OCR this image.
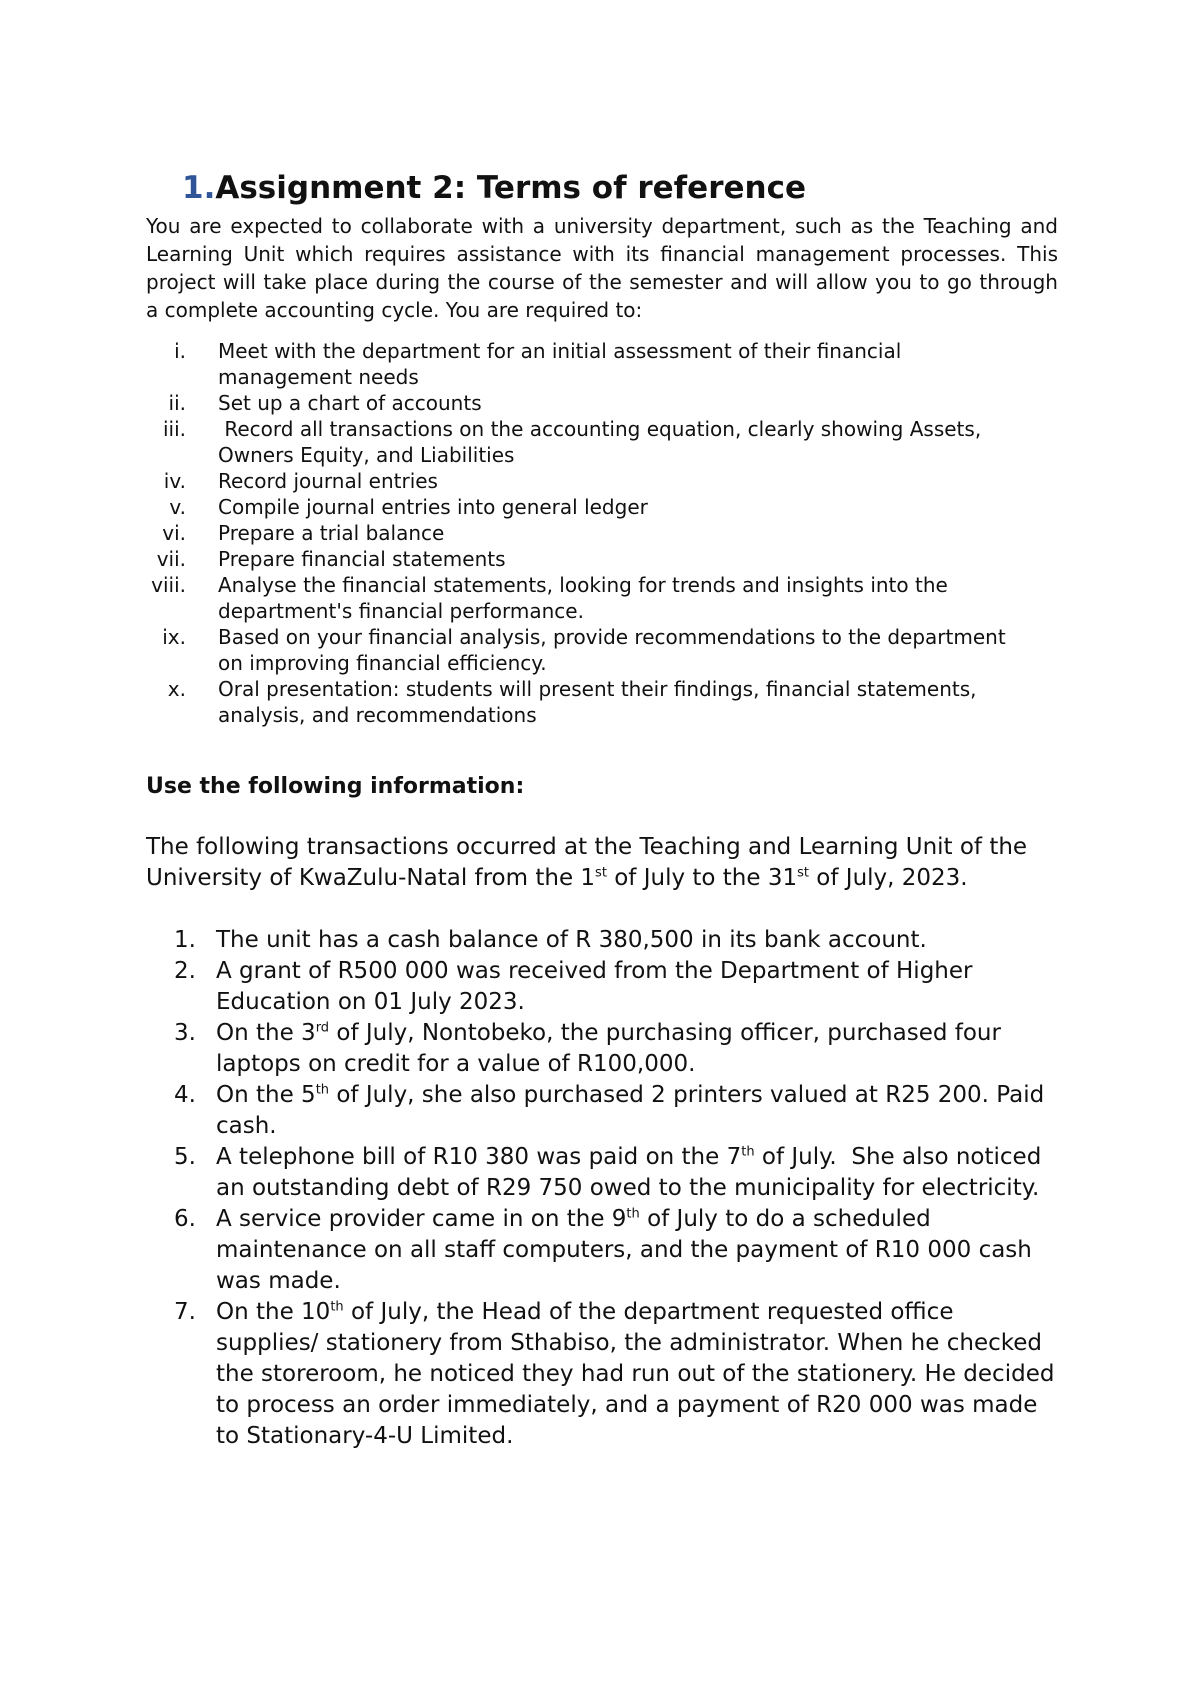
1.Assignment 2: Terms of reference

You are expected to collaborate with a university department, such as the Teaching and Learning Unit which requires assistance with its financial management processes. This project will take place during the course of the semester and will allow you to go through a complete accounting cycle. You are required to:

i. Meet with the department for an initial assessment of their financial management needs
ii. Set up a chart of accounts
iii. Record all transactions on the accounting equation, clearly showing Assets, Owners Equity, and Liabilities
iv. Record journal entries
v. Compile journal entries into general ledger
vi. Prepare a trial balance
vii. Prepare financial statements
viii. Analyse the financial statements, looking for trends and insights into the department's financial performance.
ix. Based on your financial analysis, provide recommendations to the department on improving financial efficiency.
x. Oral presentation: students will present their findings, financial statements, analysis, and recommendations
Use the following information:

The following transactions occurred at the Teaching and Learning Unit of the University of KwaZulu-Natal from the 1st of July to the 31st of July, 2023.

1. The unit has a cash balance of R 380,500 in its bank account.
2. A grant of R500 000 was received from the Department of Higher Education on 01 July 2023.
3. On the 3rd of July, Nontobeko, the purchasing officer, purchased four laptops on credit for a value of R100,000.
4. On the 5th of July, she also purchased 2 printers valued at R25 200. Paid cash.
5. A telephone bill of R10 380 was paid on the 7th of July.  She also noticed an outstanding debt of R29 750 owed to the municipality for electricity.
6. A service provider came in on the 9th of July to do a scheduled maintenance on all staff computers, and the payment of R10 000 cash was made.
7. On the 10th of July, the Head of the department requested office supplies/ stationery from Sthabiso, the administrator. When he checked the storeroom, he noticed they had run out of the stationery. He decided to process an order immediately, and a payment of R20 000 was made to Stationary-4-U Limited.
